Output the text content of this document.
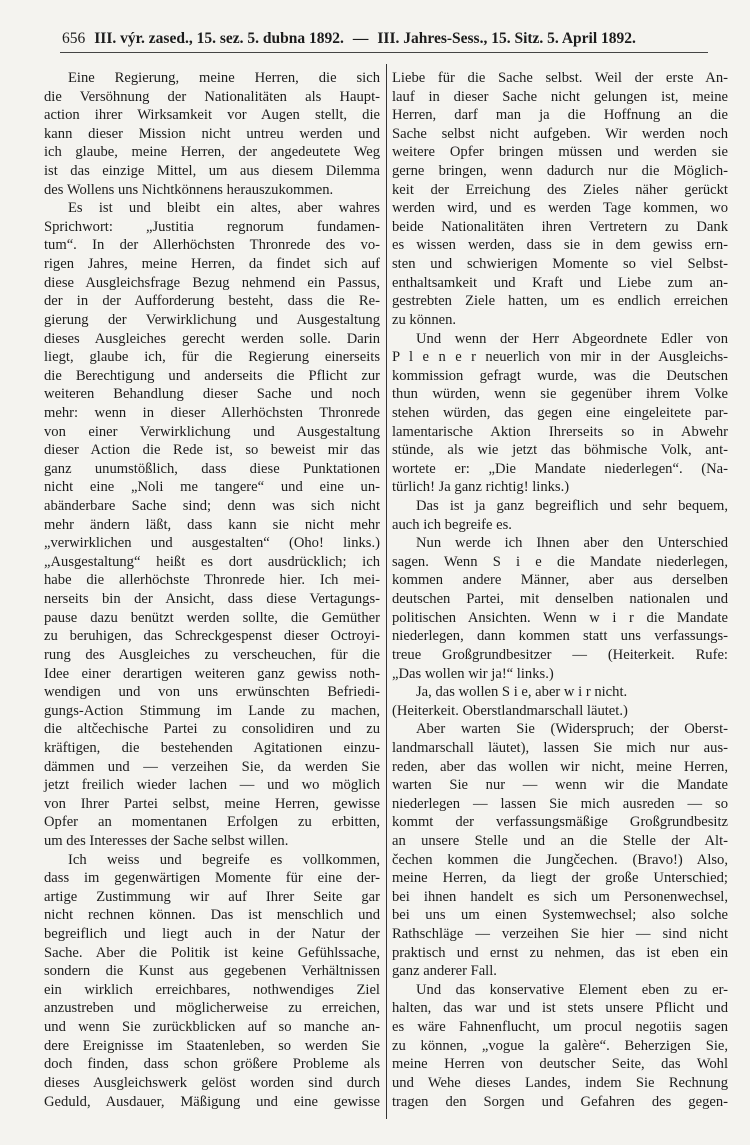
656 III. výr. zased., 15. sez. 5. dubna 1892. — III. Jahres-Sess., 15. Sitz. 5. April 1892.
Eine Regierung, meine Herren, die sich
die Versöhnung der Nationalitäten als Haupt-
action ihrer Wirksamkeit vor Augen stellt, die
kann dieser Mission nicht untreu werden und
ich glaube, meine Herren, der angedeutete Weg
ist das einzige Mittel, um aus diesem Dilemma
des Wollens uns Nichtkönnens herauszukommen.
Es ist und bleibt ein altes, aber wahres
Sprichwort: „Justitia regnorum fundamen-
tum“. In der Allerhöchsten Thronrede des vo-
rigen Jahres, meine Herren, da findet sich auf
diese Ausgleichsfrage Bezug nehmend ein Passus,
der in der Aufforderung besteht, dass die Re-
gierung der Verwirklichung und Ausgestaltung
dieses Ausgleiches gerecht werden solle. Darin
liegt, glaube ich, für die Regierung einerseits
die Berechtigung und anderseits die Pflicht zur
weiteren Behandlung dieser Sache und noch
mehr: wenn in dieser Allerhöchsten Thronrede
von einer Verwirklichung und Ausgestaltung
dieser Action die Rede ist, so beweist mir das
ganz unumstößlich, dass diese Punktationen
nicht eine „Noli me tangere“ und eine un-
abänderbare Sache sind; denn was sich nicht
mehr ändern läßt, dass kann sie nicht mehr
„verwirklichen und ausgestalten“ (Oho! links.)
„Ausgestaltung“ heißt es dort ausdrücklich; ich
habe die allerhöchste Thronrede hier. Ich mei-
nerseits bin der Ansicht, dass diese Vertagungs-
pause dazu benützt werden sollte, die Gemüther
zu beruhigen, das Schreckgespenst dieser Octroyi-
rung des Ausgleiches zu verscheuchen, für die
Idee einer derartigen weiteren ganz gewiss noth-
wendigen und von uns erwünschten Befriedi-
gungs-Action Stimmung im Lande zu machen,
die altčechische Partei zu consolidiren und zu
kräftigen, die bestehenden Agitationen einzu-
dämmen und — verzeihen Sie, da werden Sie
jetzt freilich wieder lachen — und wo möglich
von Ihrer Partei selbst, meine Herren, gewisse
Opfer an momentanen Erfolgen zu erbitten,
um des Interesses der Sache selbst willen.
Ich weiss und begreife es vollkommen,
dass im gegenwärtigen Momente für eine der-
artige Zustimmung wir auf Ihrer Seite gar
nicht rechnen können. Das ist menschlich und
begreiflich und liegt auch in der Natur der
Sache. Aber die Politik ist keine Gefühlssache,
sondern die Kunst aus gegebenen Verhältnissen
ein wirklich erreichbares, nothwendiges Ziel
anzustreben und möglicherweise zu erreichen,
und wenn Sie zurückblicken auf so manche an-
dere Ereignisse im Staatenleben, so werden Sie
doch finden, dass schon größere Probleme als
dieses Ausgleichswerk gelöst worden sind durch
Geduld, Ausdauer, Mäßigung und eine gewisse
Liebe für die Sache selbst. Weil der erste An-
lauf in dieser Sache nicht gelungen ist, meine
Herren, darf man ja die Hoffnung an die
Sache selbst nicht aufgeben. Wir werden noch
weitere Opfer bringen müssen und werden sie
gerne bringen, wenn dadurch nur die Möglich-
keit der Erreichung des Zieles näher gerückt
werden wird, und es werden Tage kommen, wo
beide Nationalitäten ihren Vertretern zu Dank
es wissen werden, dass sie in dem gewiss ern-
sten und schwierigen Momente so viel Selbst-
enthaltsamkeit und Kraft und Liebe zum an-
gestrebten Ziele hatten, um es endlich erreichen
zu können.
Und wenn der Herr Abgeordnete Edler von
P l e n e r neuerlich von mir in der Ausgleichs-
kommission gefragt wurde, was die Deutschen
thun würden, wenn sie gegenüber ihrem Volke
stehen würden, das gegen eine eingeleitete par-
lamentarische Aktion Ihrerseits so in Abwehr
stünde, als wie jetzt das böhmische Volk, ant-
wortete er: „Die Mandate niederlegen“. (Na-
türlich! Ja ganz richtig! links.)
Das ist ja ganz begreiflich und sehr bequem,
auch ich begreife es.
Nun werde ich Ihnen aber den Unterschied
sagen. Wenn S i e die Mandate niederlegen,
kommen andere Männer, aber aus derselben
deutschen Partei, mit denselben nationalen und
politischen Ansichten. Wenn w i r die Mandate
niederlegen, dann kommen statt uns verfassungs-
treue Großgrundbesitzer — (Heiterkeit. Rufe:
„Das wollen wir ja!“ links.)
Ja, das wollen S i e, aber w i r nicht.
(Heiterkeit. Oberstlandmarschall läutet.)
Aber warten Sie (Widerspruch; der Oberst-
landmarschall läutet), lassen Sie mich nur aus-
reden, aber das wollen wir nicht, meine Herren,
warten Sie nur — wenn wir die Mandate
niederlegen — lassen Sie mich ausreden — so
kommt der verfassungsmäßige Großgrundbesitz
an unsere Stelle und an die Stelle der Alt-
čechen kommen die Jungčechen. (Bravo!) Also,
meine Herren, da liegt der große Unterschied;
bei ihnen handelt es sich um Personenwechsel,
bei uns um einen Systemwechsel; also solche
Rathschläge — verzeihen Sie hier — sind nicht
praktisch und ernst zu nehmen, das ist eben ein
ganz anderer Fall.
Und das konservative Element eben zu er-
halten, das war und ist stets unsere Pflicht und
es wäre Fahnenflucht, um procul negotiis sagen
zu können, „vogue la galère“. Beherzigen Sie,
meine Herren von deutscher Seite, das Wohl
und Wehe dieses Landes, indem Sie Rechnung
tragen den Sorgen und Gefahren des gegen-
